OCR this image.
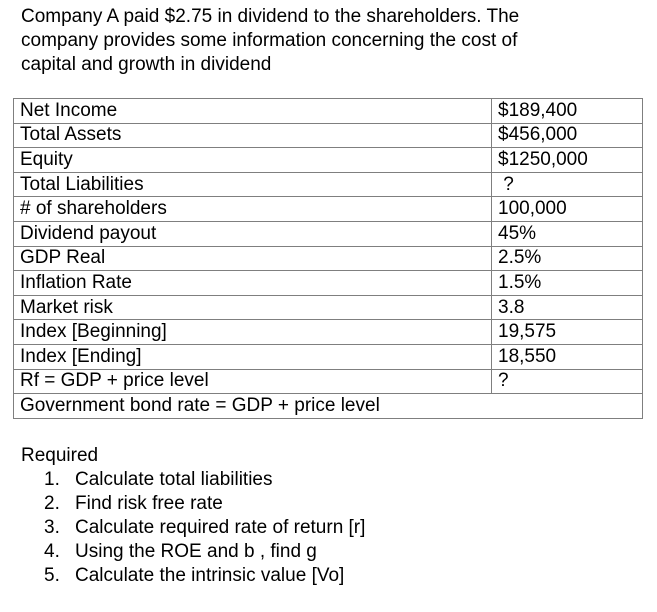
Company A paid $2.75 in dividend to the shareholders. The
company provides some information concerning the cost of
capital and growth in dividend
Net Income	$189,400
Total Assets	$456,000
Equity	$1250,000
Total Liabilities	?
# of shareholders	100,000
Dividend payout	45%
GDP Real	2.5%
Inflation Rate	1.5%
Market risk	3.8
Index [Beginning]	19,575
Index [Ending]	18,550
Rf = GDP + price level	?
Government bond rate = GDP + price level	

Required

1. Calculate total liabilities
2. Find risk free rate
3. Calculate required rate of return [r]
4. Using the ROE and b , find g
5. Calculate the intrinsic value [Vo]
